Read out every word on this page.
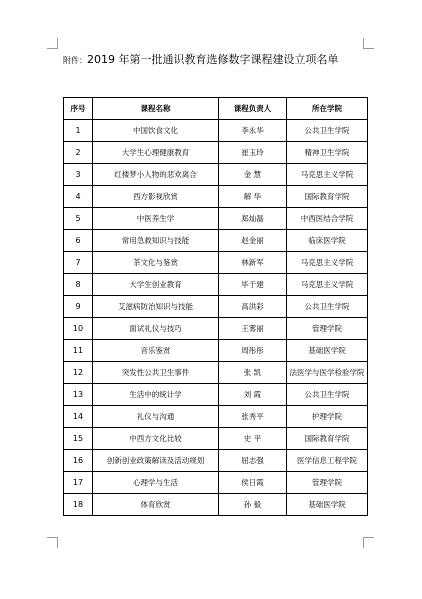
附件：2019 年第一批通识教育选修数字课程建设立项名单
序号	课程名称	课程负责人	所在学院
1	中国饮食文化	李永华	公共卫生学院
2	大学生心理健康教育	崔玉玲	精神卫生学院
3	红楼梦小人物的悲欢离合	金 慧	马克思主义学院
4	西方影视欣赏	解 华	国际教育学院
5	中医养生学	郑灿磊	中西医结合学院
6	常用急救知识与技能	赵金丽	临床医学院
7	茶文化与鉴赏	林新军	马克思主义学院
8	大学生创业教育	毕于建	马克思主义学院
9	艾滋病防治知识与技能	高洪彩	公共卫生学院
10	面试礼仪与技巧	王雾丽	管理学院
11	音乐鉴赏	周彤彤	基础医学院
12	突发性公共卫生事件	张 凯	法医学与医学检验学院
13	生活中的统计学	刘 霞	公共卫生学院
14	礼仪与沟通	张秀平	护理学院
15	中西方文化比较	史 平	国际教育学院
16	创新创业政策解读及活动规划	屈志强	医学信息工程学院
17	心理学与生活	侯日霞	管理学院
18	体育欣赏	孙 毅	基础医学院
